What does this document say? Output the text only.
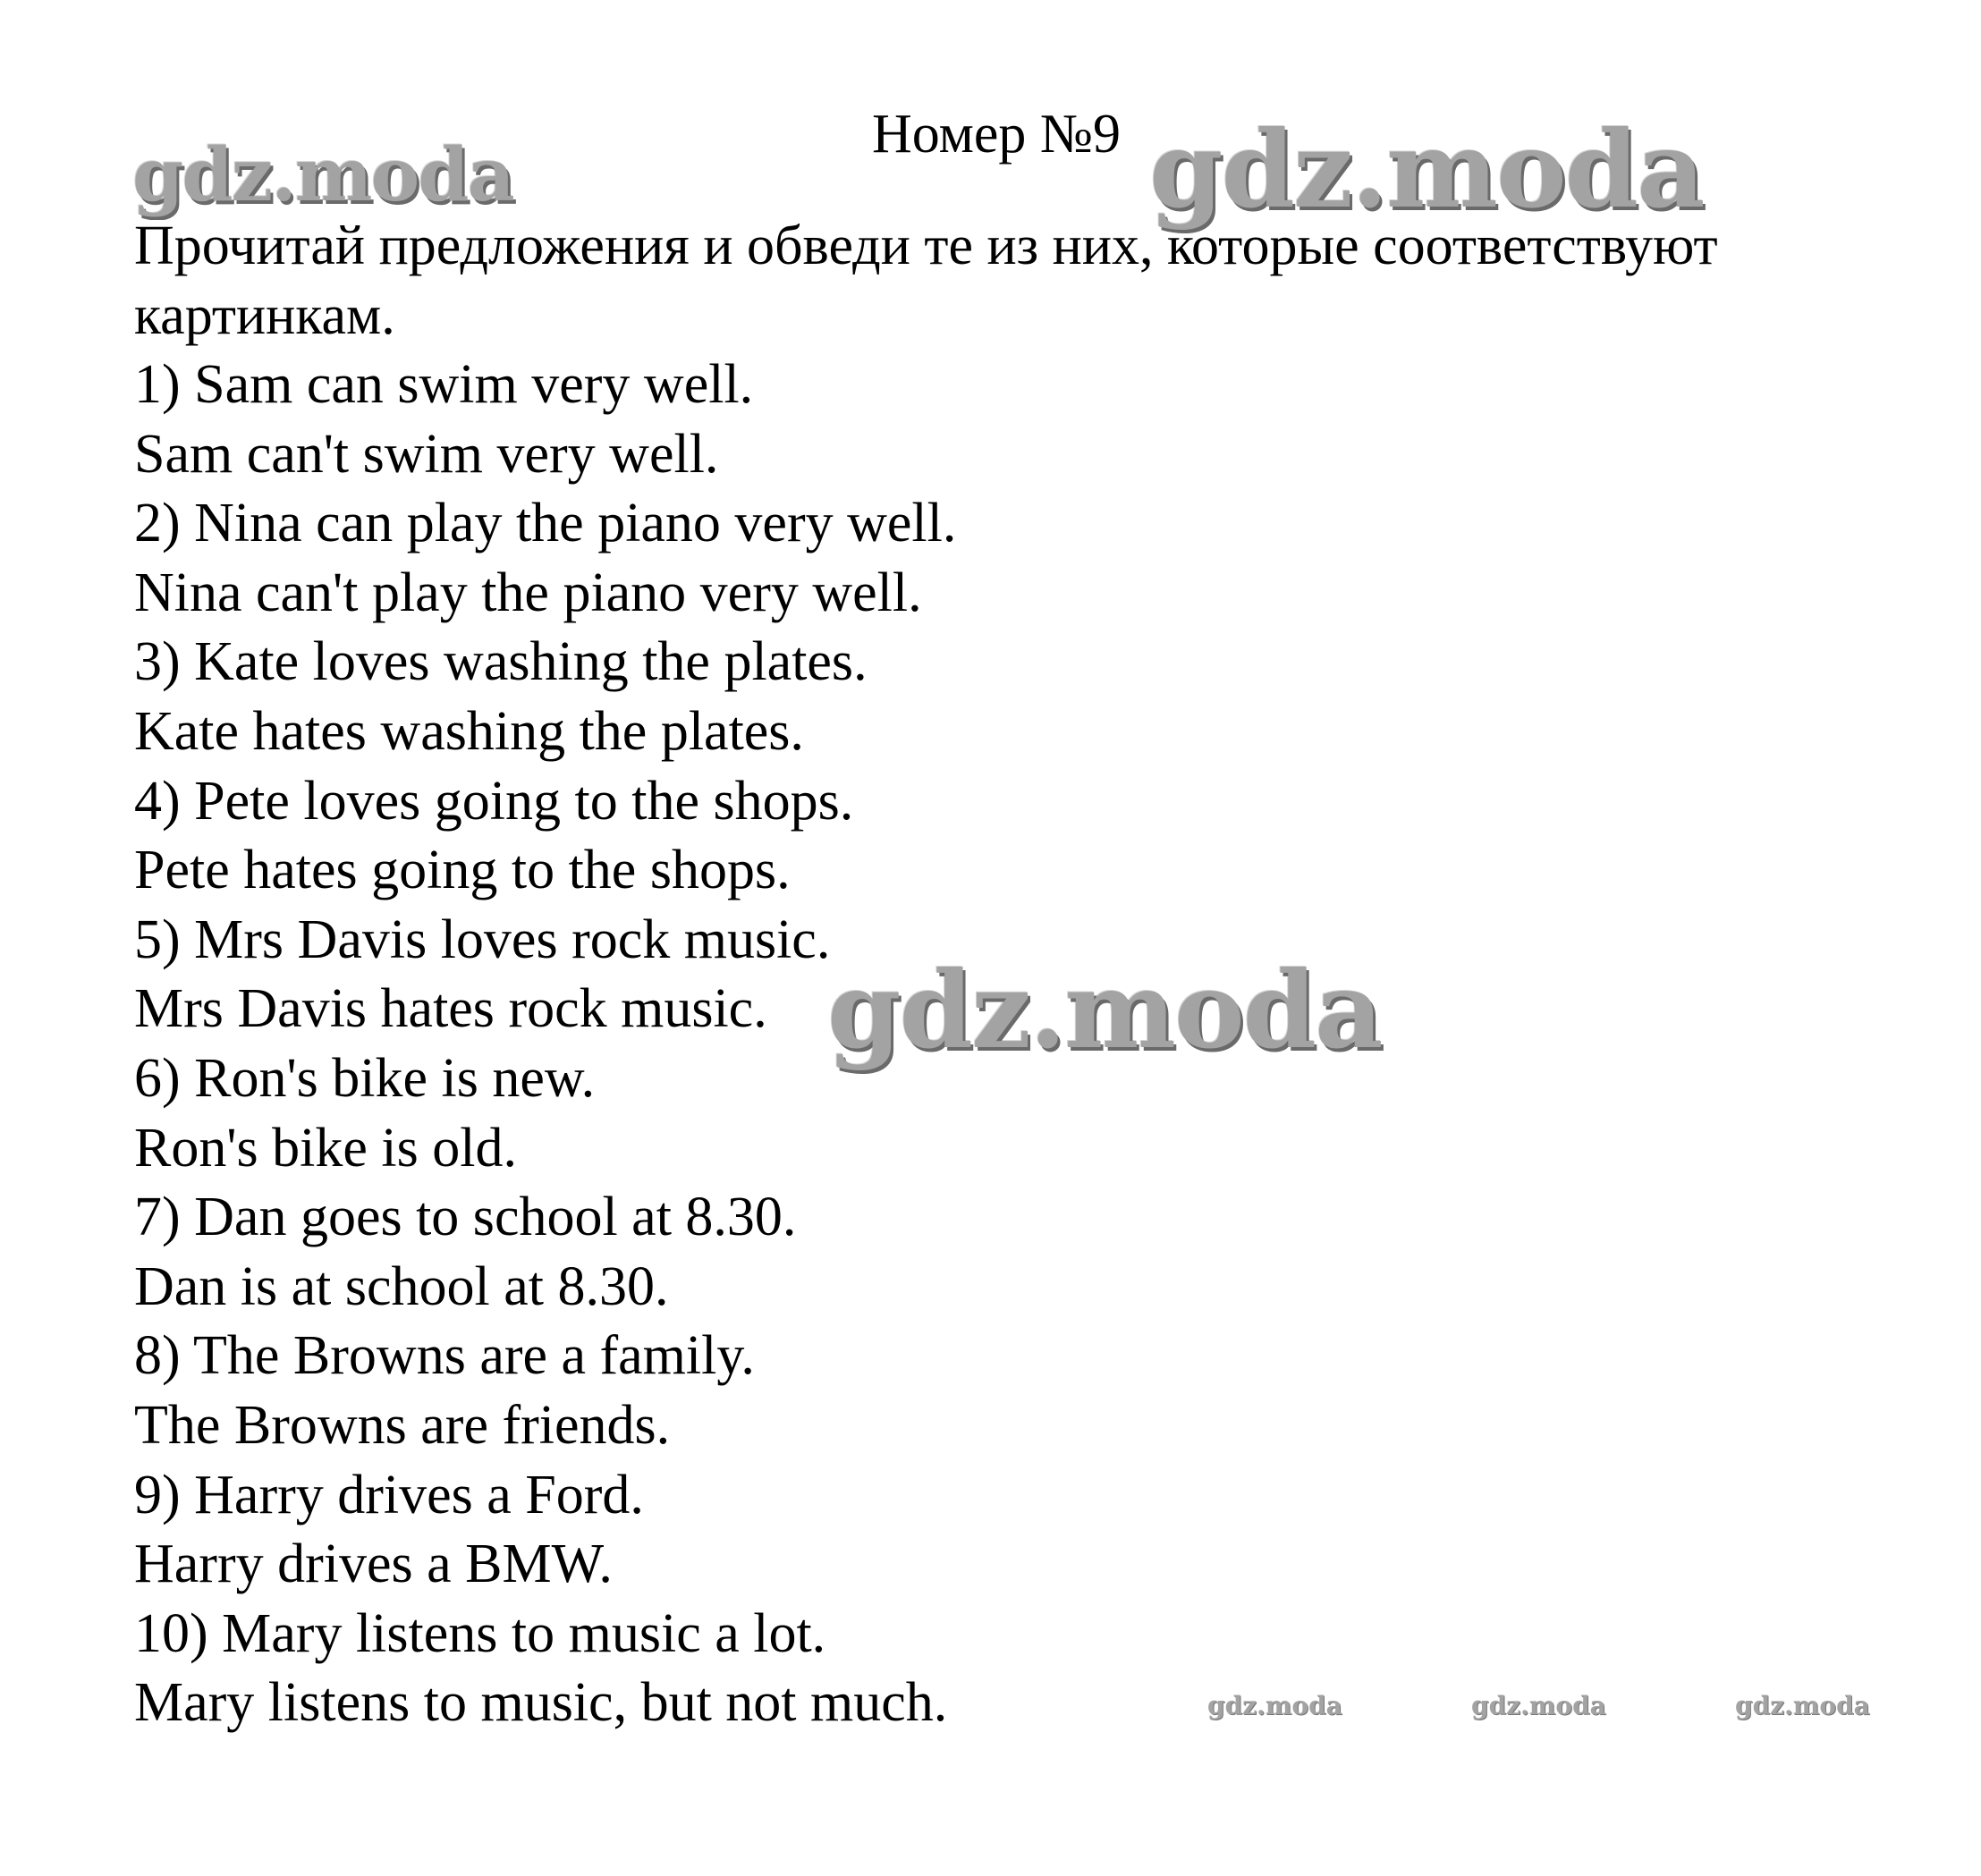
Номер №9
Прочитай предложения и обведи те из них, которые соответствуют картинкам.
1) Sam can swim very well.
Sam can't swim very well.
2) Nina can play the piano very well.
Nina can't play the piano very well.
3) Kate loves washing the plates.
Kate hates washing the plates.
4) Pete loves going to the shops.
Pete hates going to the shops.
5) Mrs Davis loves rock music.
Mrs Davis hates rock music.
6) Ron's bike is new.
Ron's bike is old.
7) Dan goes to school at 8.30.
Dan is at school at 8.30.
8) The Browns are a family.
The Browns are friends.
9) Harry drives a Ford.
Harry drives a BMW.
10) Mary listens to music a lot.
Mary listens to music, but not much.
gdz.moda	gdz.moda
gdz.moda
gdz.moda	gdz.moda	gdz.moda
